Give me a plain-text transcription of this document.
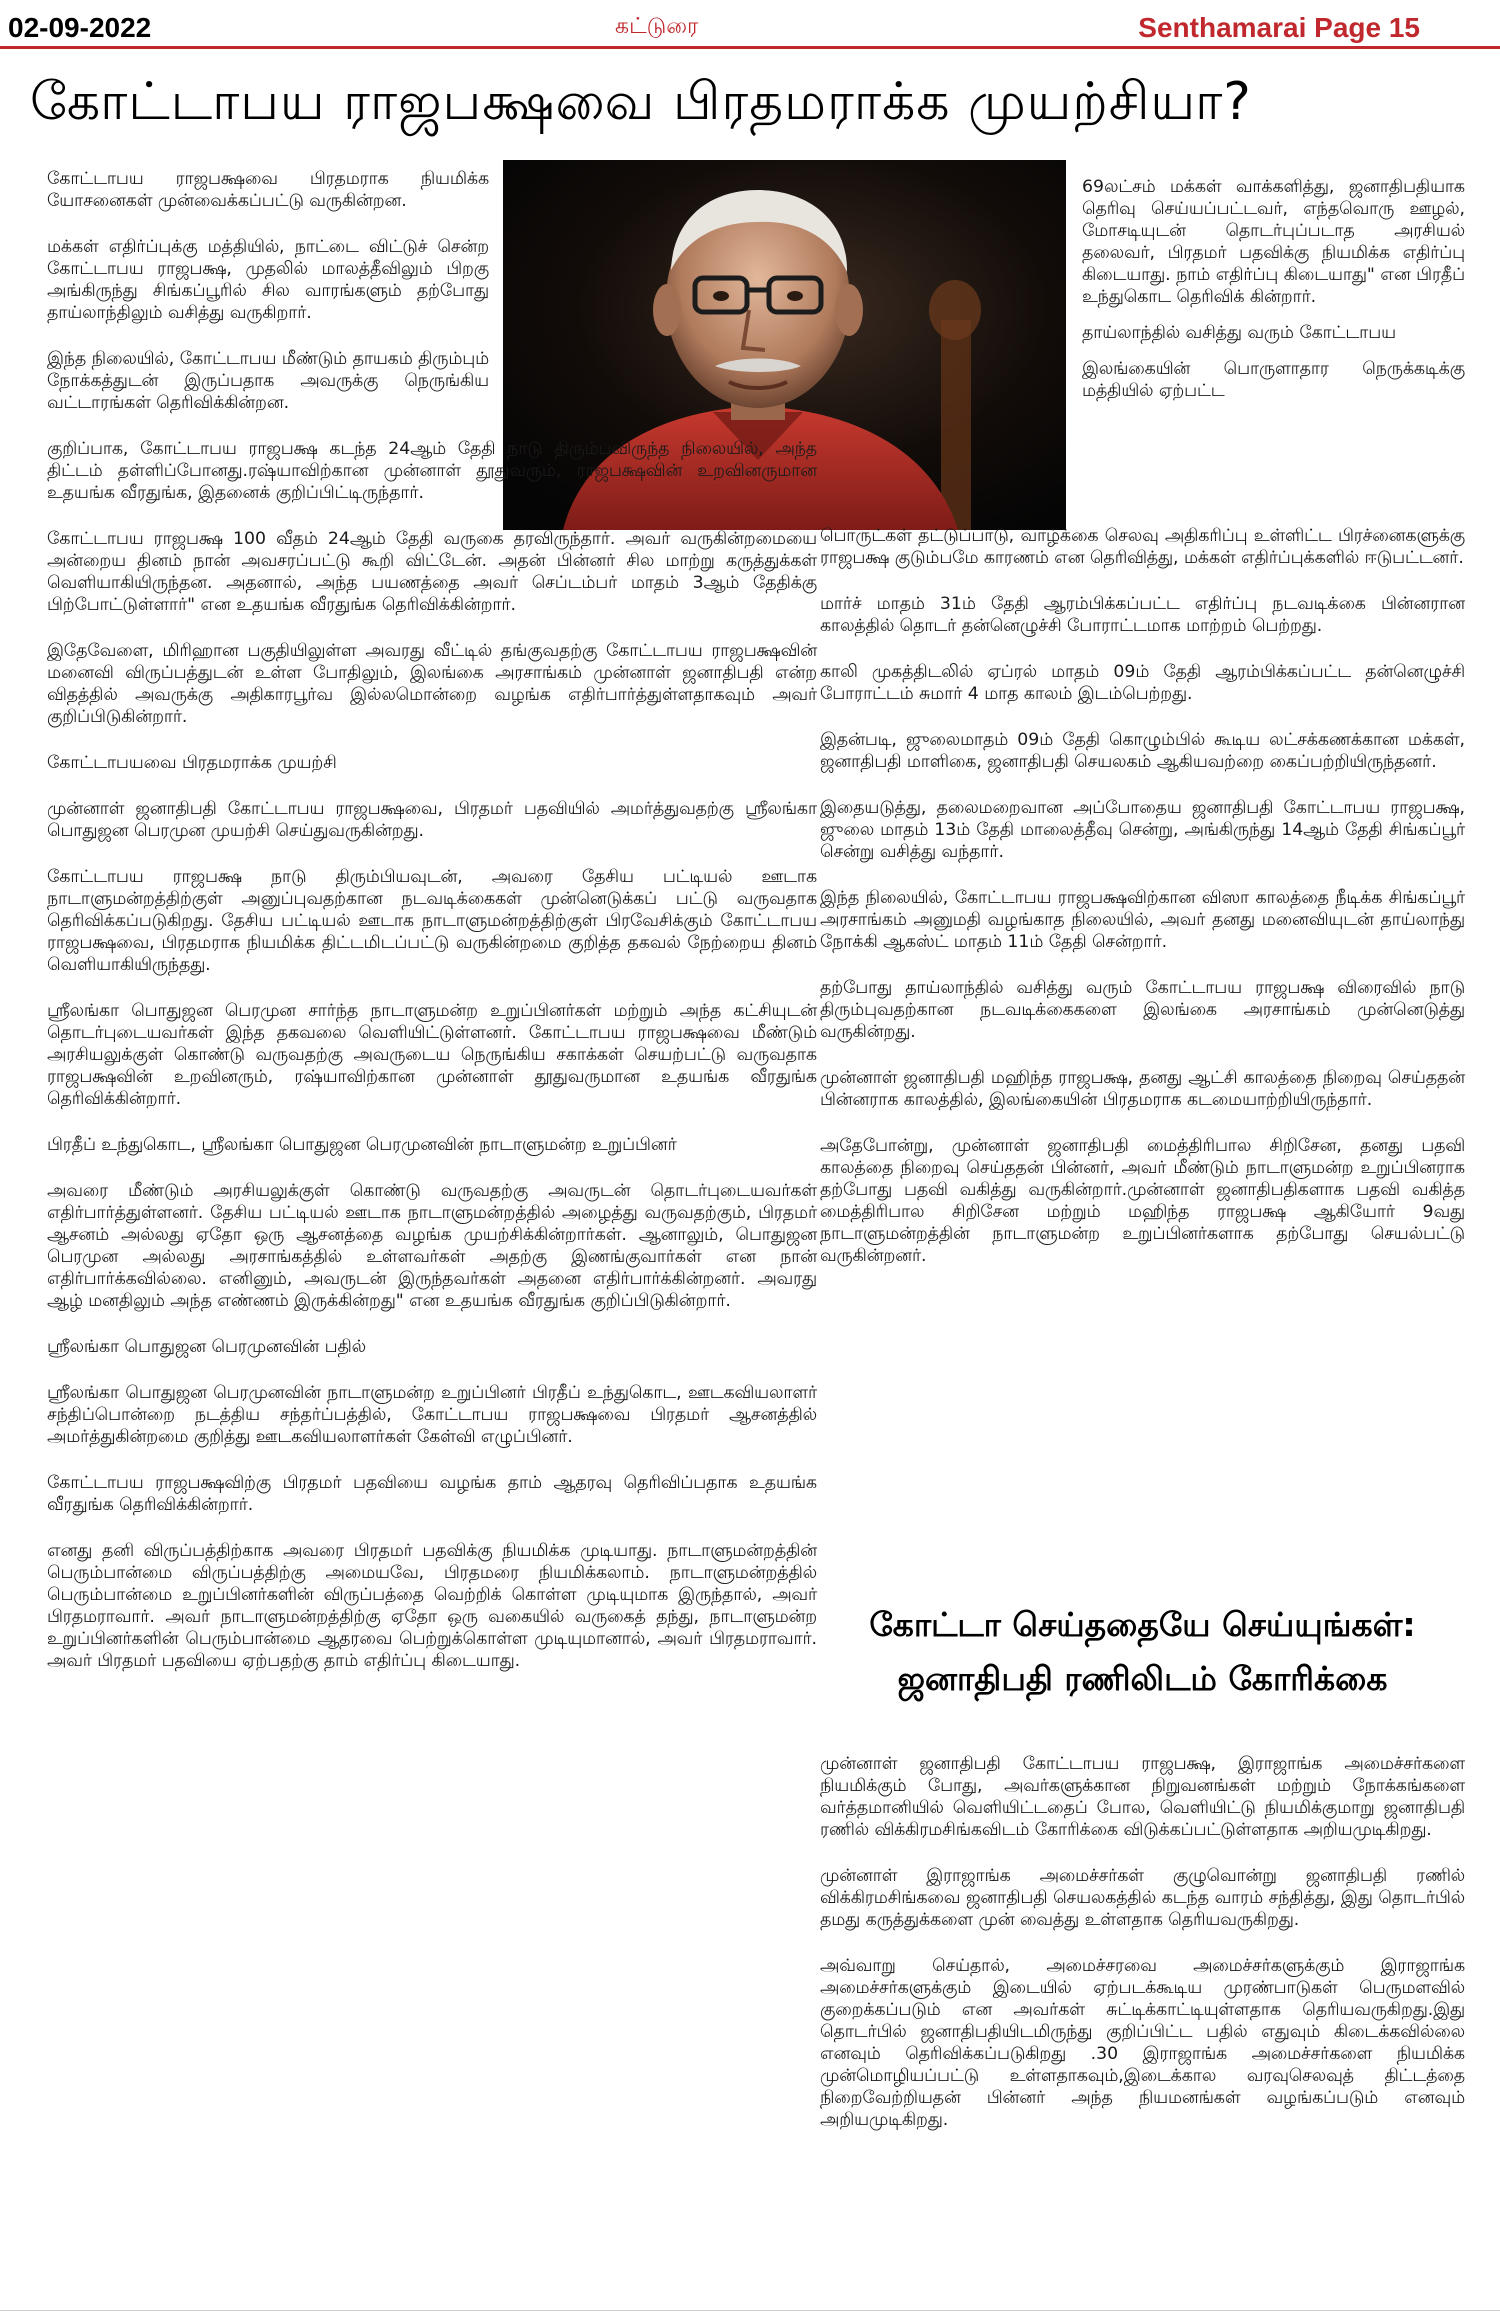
02-09-2022	கட்டுரை	Senthamarai Page 15
கோட்டாபய ராஜபக்ஷவை பிரதமராக்க முயற்சியா?

கோட்டாபய ராஜபக்ஷவை பிரதமராக நியமிக்க யோசனைகள் முன்வைக்கப்பட்டு வருகின்றன.

மக்கள் எதிர்ப்புக்கு மத்தியில், நாட்டை விட்டுச் சென்ற கோட்டாபய ராஜபக்ஷ, முதலில் மாலத்தீவிலும் பிறகு அங்கிருந்து சிங்கப்பூரில் சில வாரங்களும் தற்போது தாய்லாந்திலும் வசித்து வருகிறார்.

இந்த நிலையில், கோட்டாபய மீண்டும் தாயகம் திரும்பும் நோக்கத்துடன் இருப்பதாக அவருக்கு நெருங்கிய வட்டாரங்கள் தெரிவிக்கின்றன.

குறிப்பாக, கோட்டாபய ராஜபக்ஷ கடந்த 24ஆம் தேதி நாடு திரும்பவிருந்த நிலையில், அந்த திட்டம் தள்ளிப்போனது.ரஷ்யாவிற்கான முன்னாள் தூதுவரும், ராஜபக்ஷவின் உறவினருமான உதயங்க வீரதுங்க, இதனைக் குறிப்பிட்டிருந்தார்.

கோட்டாபய ராஜபக்ஷ 100 வீதம் 24ஆம் தேதி வருகை தரவிருந்தார். அவர் வருகின்றமையை அன்றைய தினம் நான் அவசரப்பட்டு கூறி விட்டேன். அதன் பின்னர் சில மாற்று கருத்துக்கள் வெளியாகியிருந்தன. அதனால், அந்த பயணத்தை அவர் செப்டம்பர் மாதம் 3ஆம் தேதிக்கு பிற்போட்டுள்ளார்" என உதயங்க வீரதுங்க தெரிவிக்கின்றார்.

இதேவேளை, மிரிஹான பகுதியிலுள்ள அவரது வீட்டில் தங்குவதற்கு கோட்டாபய ராஜபக்ஷவின் மனைவி விருப்பத்துடன் உள்ள போதிலும், இலங்கை அரசாங்கம் முன்னாள் ஜனாதிபதி என்ற விதத்தில் அவருக்கு அதிகாரபூர்வ இல்லமொன்றை வழங்க எதிர்பார்த்துள்ளதாகவும் அவர் குறிப்பிடுகின்றார்.

கோட்டாபயவை பிரதமராக்க முயற்சி

முன்னாள் ஜனாதிபதி கோட்டாபய ராஜபக்ஷவை, பிரதமர் பதவியில் அமர்த்துவதற்கு ஸ்ரீலங்கா பொதுஜன பெரமுன முயற்சி செய்துவருகின்றது.

கோட்டாபய ராஜபக்ஷ நாடு திரும்பியவுடன், அவரை தேசிய பட்டியல் ஊடாக நாடாளுமன்றத்திற்குள் அனுப்புவதற்கான நடவடிக்கைகள் முன்னெடுக்கப் பட்டு வருவதாக தெரிவிக்கப்படுகிறது. தேசிய பட்டியல் ஊடாக நாடாளுமன்றத்திற்குள் பிரவேசிக்கும் கோட்டாபய ராஜபக்ஷவை, பிரதமராக நியமிக்க திட்டமிடப்பட்டு வருகின்றமை குறித்த தகவல் நேற்றைய தினம் வெளியாகியிருந்தது.

ஸ்ரீலங்கா பொதுஜன பெரமுன சார்ந்த நாடாளுமன்ற உறுப்பினர்கள் மற்றும் அந்த கட்சியுடன் தொடர்புடையவர்கள் இந்த தகவலை வெளியிட்டுள்ளனர். கோட்டாபய ராஜபக்ஷவை மீண்டும் அரசியலுக்குள் கொண்டு வருவதற்கு அவருடைய நெருங்கிய சகாக்கள் செயற்பட்டு வருவதாக ராஜபக்ஷவின் உறவினரும், ரஷ்யாவிற்கான முன்னாள் தூதுவருமான உதயங்க வீரதுங்க தெரிவிக்கின்றார்.

பிரதீப் உந்துகொட, ஸ்ரீலங்கா பொதுஜன பெரமுனவின் நாடாளுமன்ற உறுப்பினர்

அவரை மீண்டும் அரசியலுக்குள் கொண்டு வருவதற்கு அவருடன் தொடர்புடையவர்கள் எதிர்பார்த்துள்ளனர். தேசிய பட்டியல் ஊடாக நாடாளுமன்றத்தில் அழைத்து வருவதற்கும், பிரதமர் ஆசனம் அல்லது ஏதோ ஒரு ஆசனத்தை வழங்க முயற்சிக்கின்றார்கள். ஆனாலும், பொதுஜன பெரமுன அல்லது அரசாங்கத்தில் உள்ளவர்கள் அதற்கு இணங்குவார்கள் என நான் எதிர்பார்க்கவில்லை. எனினும், அவருடன் இருந்தவர்கள் அதனை எதிர்பார்க்கின்றனர். அவரது ஆழ் மனதிலும் அந்த எண்ணம் இருக்கின்றது" என உதயங்க வீரதுங்க குறிப்பிடுகின்றார்.

ஸ்ரீலங்கா பொதுஜன பெரமுனவின் பதில்

ஸ்ரீலங்கா பொதுஜன பெரமுனவின் நாடாளுமன்ற உறுப்பினர் பிரதீப் உந்துகொட, ஊடகவியலாளர் சந்திப்பொன்றை நடத்திய சந்தர்ப்பத்தில், கோட்டாபய ராஜபக்ஷவை பிரதமர் ஆசனத்தில் அமர்த்துகின்றமை குறித்து ஊடகவியலாளர்கள் கேள்வி எழுப்பினர்.

கோட்டாபய ராஜபக்ஷவிற்கு பிரதமர் பதவியை வழங்க தாம் ஆதரவு தெரிவிப்பதாக உதயங்க வீரதுங்க தெரிவிக்கின்றார்.

எனது தனி விருப்பத்திற்காக அவரை பிரதமர் பதவிக்கு நியமிக்க முடியாது. நாடாளுமன்றத்தின் பெரும்பான்மை விருப்பத்திற்கு அமையவே, பிரதமரை நியமிக்கலாம். நாடாளுமன்றத்தில் பெரும்பான்மை உறுப்பினர்களின் விருப்பத்தை வெற்றிக் கொள்ள முடியுமாக இருந்தால், அவர் பிரதமராவார். அவர் நாடாளுமன்றத்திற்கு ஏதோ ஒரு வகையில் வருகைத் தந்து, நாடாளுமன்ற உறுப்பினர்களின் பெரும்பான்மை ஆதரவை பெற்றுக்கொள்ள முடியுமானால், அவர் பிரதமராவார். அவர் பிரதமர் பதவியை ஏற்பதற்கு தாம் எதிர்ப்பு கிடையாது.

69லட்சம் மக்கள் வாக்களித்து, ஜனாதிபதியாக தெரிவு செய்யப்பட்டவர், எந்தவொரு ஊழல், மோசடியுடன் தொடர்புப்படாத அரசியல் தலைவர், பிரதமர் பதவிக்கு நியமிக்க எதிர்ப்பு கிடையாது. நாம் எதிர்ப்பு கிடையாது" என பிரதீப் உந்துகொட தெரிவிக் கின்றார்.

தாய்லாந்தில் வசித்து வரும் கோட்டாபய

இலங்கையின் பொருளாதார நெருக்கடிக்கு மத்தியில் ஏற்பட்ட

பொருட்கள் தட்டுப்பாடு, வாழ்க்கை செலவு அதிகரிப்பு உள்ளிட்ட பிரச்னைகளுக்கு ராஜபக்ஷ குடும்பமே காரணம் என தெரிவித்து, மக்கள் எதிர்ப்புக்களில் ஈடுபட்டனர்.

மார்ச் மாதம் 31ம் தேதி ஆரம்பிக்கப்பட்ட எதிர்ப்பு நடவடிக்கை பின்னரான காலத்தில் தொடர் தன்னெழுச்சி போராட்டமாக மாற்றம் பெற்றது.

காலி முகத்திடலில் ஏப்ரல் மாதம் 09ம் தேதி ஆரம்பிக்கப்பட்ட தன்னெழுச்சி போராட்டம் சுமார் 4 மாத காலம் இடம்பெற்றது.

இதன்படி, ஜுலைமாதம் 09ம் தேதி கொழும்பில் கூடிய லட்சக்கணக்கான மக்கள், ஜனாதிபதி மாளிகை, ஜனாதிபதி செயலகம் ஆகியவற்றை கைப்பற்றியிருந்தனர்.

இதையடுத்து, தலைமறைவான அப்போதைய ஜனாதிபதி கோட்டாபய ராஜபக்ஷ, ஜுலை மாதம் 13ம் தேதி மாலைத்தீவு சென்று, அங்கிருந்து 14ஆம் தேதி சிங்கப்பூர் சென்று வசித்து வந்தார்.

இந்த நிலையில், கோட்டாபய ராஜபக்ஷவிற்கான விஸா காலத்தை நீடிக்க சிங்கப்பூர் அரசாங்கம் அனுமதி வழங்காத நிலையில், அவர் தனது மனைவியுடன் தாய்லாந்து நோக்கி ஆகஸ்ட் மாதம் 11ம் தேதி சென்றார்.

தற்போது தாய்லாந்தில் வசித்து வரும் கோட்டாபய ராஜபக்ஷ விரைவில் நாடு திரும்புவதற்கான நடவடிக்கைகளை இலங்கை அரசாங்கம் முன்னெடுத்து வருகின்றது.

முன்னாள் ஜனாதிபதி மஹிந்த ராஜபக்ஷ, தனது ஆட்சி காலத்தை நிறைவு செய்ததன் பின்னராக காலத்தில், இலங்கையின் பிரதமராக கடமையாற்றியிருந்தார்.

அதேபோன்று, முன்னாள் ஜனாதிபதி மைத்திரிபால சிறிசேன, தனது பதவி காலத்தை நிறைவு செய்ததன் பின்னர், அவர் மீண்டும் நாடாளுமன்ற உறுப்பினராக தற்போது பதவி வகித்து வருகின்றார்.முன்னாள் ஜனாதிபதிகளாக பதவி வகித்த மைத்திரிபால சிறிசேன மற்றும் மஹிந்த ராஜபக்ஷ ஆகியோர் 9வது நாடாளுமன்றத்தின் நாடாளுமன்ற உறுப்பினர்களாக தற்போது செயல்பட்டு வருகின்றனர்.

கோட்டா செய்ததையே செய்யுங்கள்:
ஜனாதிபதி ரணிலிடம் கோரிக்கை

முன்னாள் ஜனாதிபதி கோட்டாபய ராஜபக்ஷ, இராஜாங்க அமைச்சர்களை நியமிக்கும் போது, அவர்களுக்கான நிறுவனங்கள் மற்றும் நோக்கங்களை வர்த்தமானியில் வெளியிட்டதைப் போல, வெளியிட்டு நியமிக்குமாறு ஜனாதிபதி ரணில் விக்கிரமசிங்கவிடம் கோரிக்கை விடுக்கப்பட்டுள்ளதாக அறியமுடிகிறது.

முன்னாள் இராஜாங்க அமைச்சர்கள் குழுவொன்று ஜனாதிபதி ரணில் விக்கிரமசிங்கவை ஜனாதிபதி செயலகத்தில் கடந்த வாரம் சந்தித்து, இது தொடர்பில் தமது கருத்துக்களை முன் வைத்து உள்ளதாக தெரியவருகிறது.

அவ்வாறு செய்தால், அமைச்சரவை அமைச்சர்களுக்கும் இராஜாங்க அமைச்சர்களுக்கும் இடையில் ஏற்படக்கூடிய முரண்பாடுகள் பெருமளவில் குறைக்கப்படும் என அவர்கள் சுட்டிக்காட்டியுள்ளதாக தெரியவருகிறது.இது தொடர்பில் ஜனாதிபதியிடமிருந்து குறிப்பிட்ட பதில் எதுவும் கிடைக்கவில்லை எனவும் தெரிவிக்கப்படுகிறது .30 இராஜாங்க அமைச்சர்களை நியமிக்க முன்மொழியப்பட்டு உள்ளதாகவும்,இடைக்கால வரவுசெலவுத் திட்டத்தை நிறைவேற்றியதன் பின்னர் அந்த நியமனங்கள் வழங்கப்படும் எனவும் அறியமுடிகிறது.
